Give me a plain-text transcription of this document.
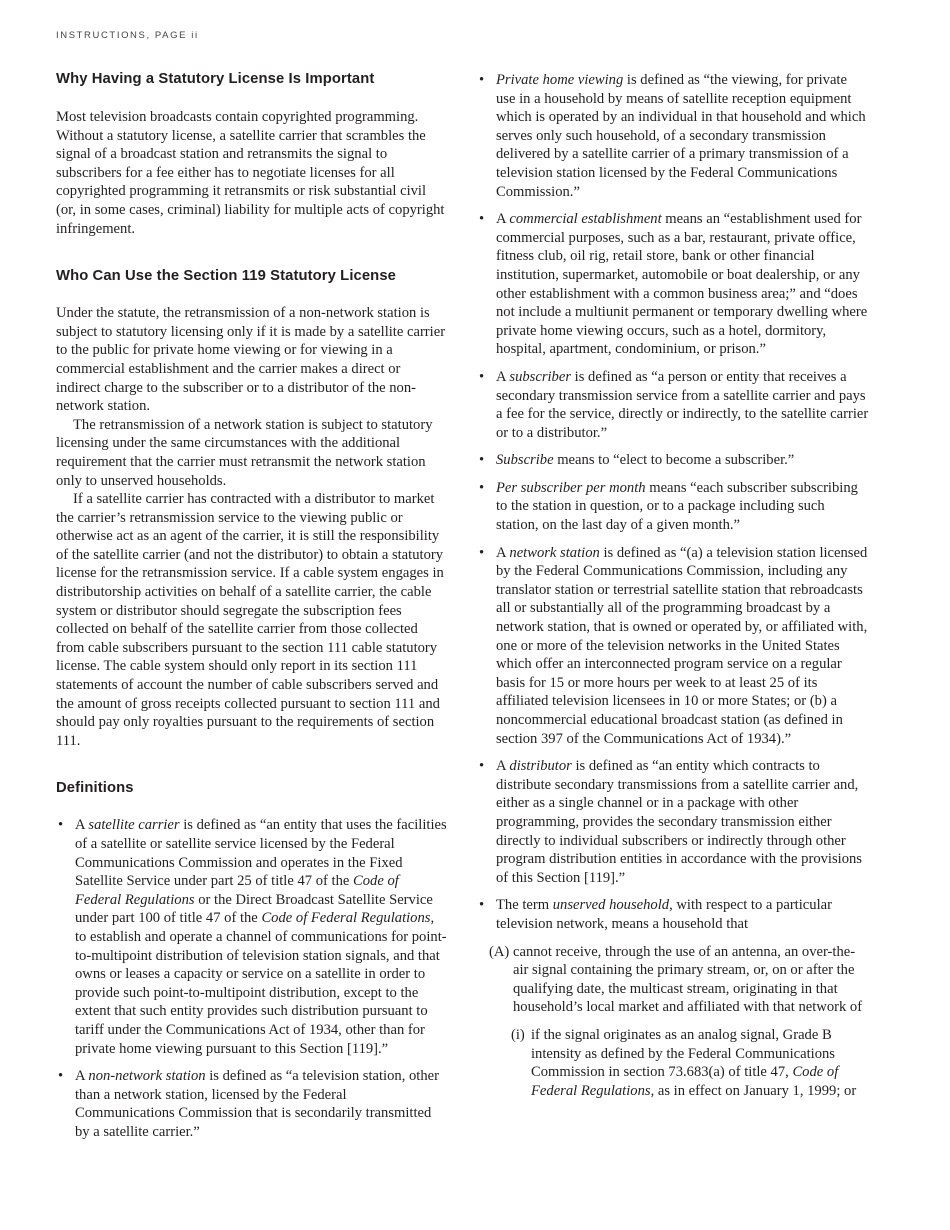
INSTRUCTIONS, PAGE ii
Why Having a Statutory License Is Important

Most television broadcasts contain copyrighted programming. Without a statutory license, a satellite carrier that scrambles the signal of a broadcast station and retransmits the signal to subscribers for a fee either has to negotiate licenses for all copyrighted programming it retransmits or risk substantial civil (or, in some cases, criminal) liability for multiple acts of copyright infringement.

Who Can Use the Section 119 Statutory License

Under the statute, the retransmission of a non-network station is subject to statutory licensing only if it is made by a satellite carrier to the public for private home viewing or for viewing in a commercial establishment and the carrier makes a direct or indirect charge to the subscriber or to a distributor of the non-network station.

The retransmission of a network station is subject to statutory licensing under the same circumstances with the additional requirement that the carrier must retransmit the network station only to unserved households.

If a satellite carrier has contracted with a distributor to market the carrier’s retransmission service to the viewing public or otherwise act as an agent of the carrier, it is still the responsibility of the satellite carrier (and not the distributor) to obtain a statutory license for the retransmission service. If a cable system engages in distributorship activities on behalf of a satellite carrier, the cable system or distributor should segregate the subscription fees collected on behalf of the satellite carrier from those collected from cable subscribers pursuant to the section 111 cable statutory license. The cable system should only report in its section 111 statements of account the number of cable subscribers served and the amount of gross receipts collected pursuant to section 111 and should pay only royalties pursuant to the requirements of section 111.

Definitions
• A satellite carrier is defined as “an entity that uses the facilities of a satellite or satellite service licensed by the Federal Communications Commission and operates in the Fixed Satellite Service under part 25 of title 47 of the Code of Federal Regulations or the Direct Broadcast Satellite Service under part 100 of title 47 of the Code of Federal Regulations, to establish and operate a channel of communications for point-to-multipoint distribution of television station signals, and that owns or leases a capacity or service on a satellite in order to provide such point-to-multipoint distribution, except to the extent that such entity provides such distribution pursuant to tariff under the Communications Act of 1934, other than for private home viewing pursuant to this Section [119].”
• A non-network station is defined as “a television station, other than a network station, licensed by the Federal Communications Commission that is secondarily transmitted by a satellite carrier.”
• Private home viewing is defined as “the viewing, for private use in a household by means of satellite reception equipment which is operated by an individual in that household and which serves only such household, of a secondary transmission delivered by a satellite carrier of a primary transmission of a television station licensed by the Federal Communications Commission.”
• A commercial establishment means an “establishment used for commercial purposes, such as a bar, restaurant, private office, fitness club, oil rig, retail store, bank or other financial institution, supermarket, automobile or boat dealership, or any other establishment with a common business area;” and “does not include a multiunit permanent or temporary dwelling where private home viewing occurs, such as a hotel, dormitory, hospital, apartment, condominium, or prison.”
• A subscriber is defined as “a person or entity that receives a secondary transmission service from a satellite carrier and pays a fee for the service, directly or indirectly, to the satellite carrier or to a distributor.”
• Subscribe means to “elect to become a subscriber.”
• Per subscriber per month means “each subscriber subscribing to the station in question, or to a package including such station, on the last day of a given month.”
• A network station is defined as “(a) a television station licensed by the Federal Communications Commission, including any translator station or terrestrial satellite station that rebroadcasts all or substantially all of the programming broadcast by a network station, that is owned or operated by, or affiliated with, one or more of the television networks in the United States which offer an interconnected program service on a regular basis for 15 or more hours per week to at least 25 of its affiliated television licensees in 10 or more States; or (b) a noncommercial educational broadcast station (as defined in section 397 of the Communications Act of 1934).”
• A distributor is defined as “an entity which contracts to distribute secondary transmissions from a satellite carrier and, either as a single channel or in a package with other programming, provides the secondary transmission either directly to individual subscribers or indirectly through other program distribution entities in accordance with the provisions of this Section [119].”
• The term unserved household, with respect to a particular television network, means a household that
(A) cannot receive, through the use of an antenna, an over-the-air signal containing the primary stream, or, on or after the qualifying date, the multicast stream, originating in that household’s local market and affiliated with that network of
(i) if the signal originates as an analog signal, Grade B intensity as defined by the Federal Communications Commission in section 73.683(a) of title 47, Code of Federal Regulations, as in effect on January 1, 1999; or
